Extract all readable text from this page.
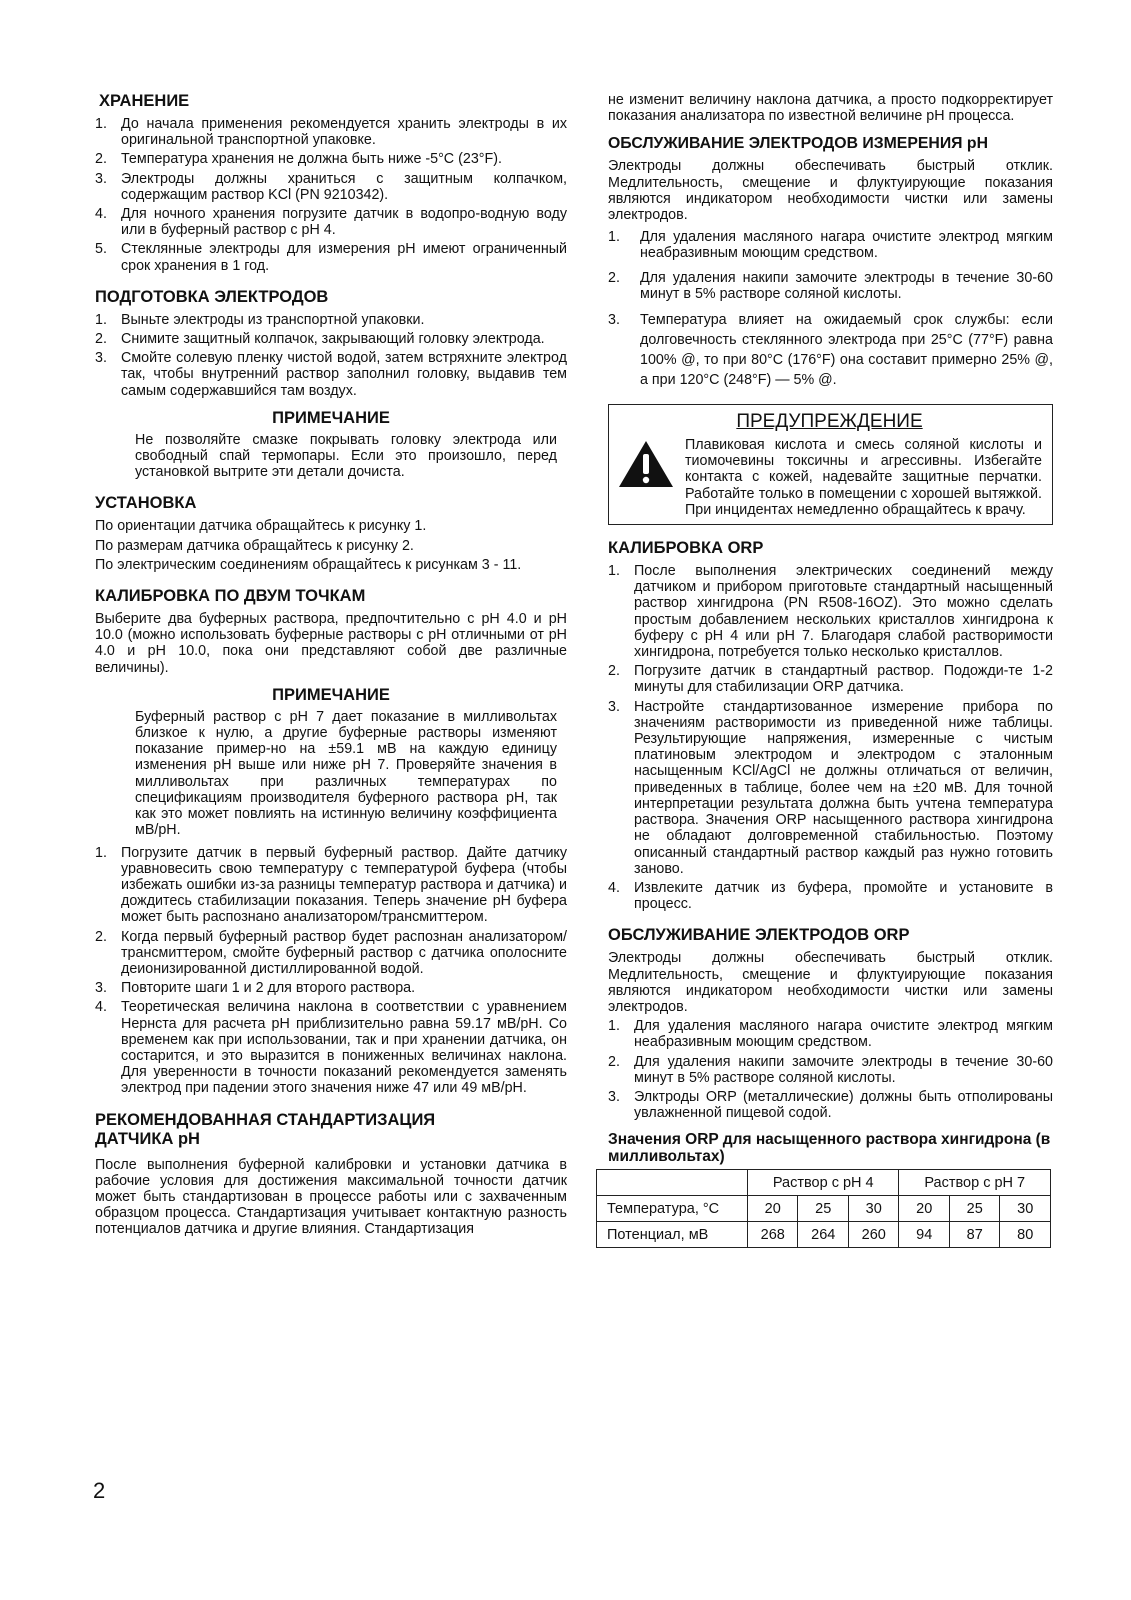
ХРАНЕНИЕ
1. До начала применения рекомендуется хранить электроды в их оригинальной транспортной упаковке.
2. Температура хранения не должна быть ниже -5°C (23°F).
3. Электроды должны храниться с защитным колпачком, содержащим раствор KCl (PN 9210342).
4. Для ночного хранения погрузите датчик в водопро-водную воду или в буферный раствор с pH 4.
5. Стеклянные электроды для измерения pH имеют ограниченный срок хранения в 1 год.
ПОДГОТОВКА ЭЛЕКТРОДОВ
1. Выньте электроды из транспортной упаковки.
2. Снимите защитный колпачок, закрывающий головку электрода.
3. Смойте солевую пленку чистой водой, затем встряхните электрод так, чтобы внутренний раствор заполнил головку, выдавив тем самым содержавшийся там воздух.
ПРИМЕЧАНИЕ

Не позволяйте смазке покрывать головку электрода или свободный спай термопары. Если это произошло, перед установкой вытрите эти детали дочиста.

УСТАНОВКА

По ориентации датчика обращайтесь к рисунку 1.

По размерам датчика обращайтесь к рисунку 2.

По электрическим соединениям обращайтесь к рисункам 3 - 11.

КАЛИБРОВКА ПО ДВУМ ТОЧКАМ

Выберите два буферных раствора, предпочтительно с pH 4.0 и pH 10.0 (можно использовать буферные растворы с pH отличными от pH 4.0 и pH 10.0, пока они представляют собой две различные величины).

ПРИМЕЧАНИЕ

Буферный раствор с pH 7 дает показание в милливольтах близкое к нулю, а другие буферные растворы изменяют показание пример-но на ±59.1 мВ на каждую единицу изменения pH выше или ниже pH 7. Проверяйте значения в милливольтах при различных температурах по спецификациям производителя буферного раствора pH, так как это может повлиять на истинную величину коэффициента мВ/pH.

1. Погрузите датчик в первый буферный раствор. Дайте датчику уравновесить свою температуру с температурой буфера (чтобы избежать ошибки из-за разницы температур раствора и датчика) и дождитесь стабилизации показания. Теперь значение pH буфера может быть распознано анализатором/трансмиттером.
2. Когда первый буферный раствор будет распознан анализатором/трансмиттером, смойте буферный раствор с датчика ополосните деионизированной дистиллированной водой.
3. Повторите шаги 1 и 2 для второго раствора.
4. Теоретическая величина наклона в соответствии с уравнением Нернста для расчета pH приблизительно равна 59.17 мВ/pH. Со временем как при использовании, так и при хранении датчика, он состарится, и это выразится в пониженных величинах наклона. Для уверенности в точности показаний рекомендуется заменять электрод при падении этого значения ниже 47 или 49 мВ/pH.
РЕКОМЕНДОВАННАЯ СТАНДАРТИЗАЦИЯ
ДАТЧИКА pH

После выполнения буферной калибровки и установки датчика в рабочие условия для достижения максимальной точности датчик может быть стандартизован в процессе работы или с захваченным образцом процесса. Стандартизация учитывает контактную разность потенциалов датчика и другие влияния. Стандартизация

не изменит величину наклона датчика, а просто подкорректирует показания анализатора по известной величине pH процесса.

ОБСЛУЖИВАНИЕ ЭЛЕКТРОДОВ ИЗМЕРЕНИЯ pH

Электроды должны обеспечивать быстрый отклик. Медлительность, смещение и флуктуирующие показания являются индикатором необходимости чистки или замены электродов.

1. Для удаления масляного нагара очистите электрод мягким неабразивным моющим средством.
2. Для удаления накипи замочите электроды в течение 30-60 минут в 5% растворе соляной кислоты.
3. Температура влияет на ожидаемый срок службы: если долговечность стеклянного электрода при 25°C (77°F) равна 100% @, то при 80°C (176°F) она составит примерно 25% @, а при 120°C (248°F) — 5% @.
ПРЕДУПРЕЖДЕНИЕ
Плавиковая кислота и смесь соляной кислоты и тиомочевины токсичны и агрессивны. Избегайте контакта с кожей, надевайте защитные перчатки. Работайте только в помещении с хорошей вытяжкой. При инцидентах немедленно обращайтесь к врачу.
КАЛИБРОВКА ORP
1. После выполнения электрических соединений между датчиком и прибором приготовьте стандартный насыщенный раствор хингидрона (PN R508-16OZ). Это можно сделать простым добавлением нескольких кристаллов хингидрона к буферу с pH 4 или pH 7. Благодаря слабой растворимости хингидрона, потребуется только несколько кристаллов.
2. Погрузите датчик в стандартный раствор. Подожди-те 1-2 минуты для стабилизации ORP датчика.
3. Настройте стандартизованное измерение прибора по значениям растворимости из приведенной ниже таблицы. Результирующие напряжения, измеренные с чистым платиновым электродом и электродом с эталонным насыщенным KCl/AgCl не должны отличаться от величин, приведенных в таблице, более чем на ±20 мВ. Для точной интерпретации результата должна быть учтена температура раствора. Значения ORP насыщенного раствора хингидрона не обладают долговременной стабильностью. Поэтому описанный стандартный раствор каждый раз нужно готовить заново.
4. Извлеките датчик из буфера, промойте и установите в процесс.
ОБСЛУЖИВАНИЕ ЭЛЕКТРОДОВ ORP

Электроды должны обеспечивать быстрый отклик. Медлительность, смещение и флуктуирующие показания являются индикатором необходимости чистки или замены электродов.

1. Для удаления масляного нагара очистите электрод мягким неабразивным моющим средством.
2. Для удаления накипи замочите электроды в течение 30-60 минут в 5% растворе соляной кислоты.
3. Элктроды ORP (металлические) должны быть отполированы увлажненной пищевой содой.
Значения ORP для насыщенного раствора хингидрона (в милливольтах)
	Раствор с pH 4			Раствор с pH 7		
Температура, °C	20	25	30	20	25	30
Потенциал, мВ	268	264	260	94	87	80
2
